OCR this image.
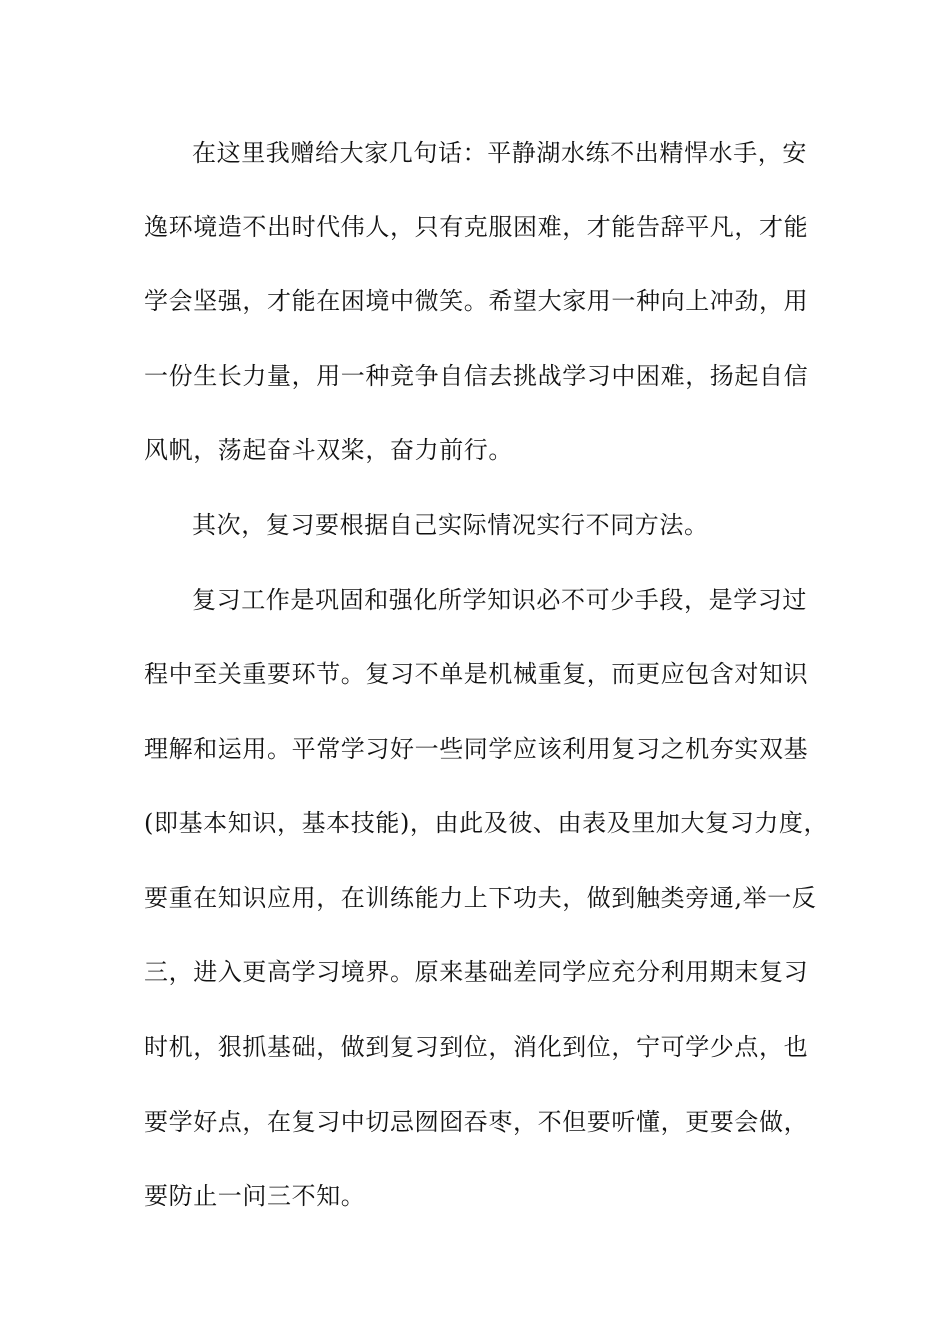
在这里我赠给大家几句话：平静湖水练不出精悍水手，安
逸环境造不出时代伟人，只有克服困难，才能告辞平凡，才能
学会坚强，才能在困境中微笑。希望大家用一种向上冲劲，用
一份生长力量，用一种竞争自信去挑战学习中困难，扬起自信
风帆，荡起奋斗双桨，奋力前行。
其次，复习要根据自己实际情况实行不同方法。
复习工作是巩固和强化所学知识必不可少手段，是学习过
程中至关重要环节。复习不单是机械重复，而更应包含对知识
理解和运用。平常学习好一些同学应该利用复习之机夯实双基
(即基本知识，基本技能)，由此及彼、由表及里加大复习力度，
要重在知识应用，在训练能力上下功夫，做到触类旁通,举一反
三，进入更高学习境界。原来基础差同学应充分利用期末复习
时机，狠抓基础，做到复习到位，消化到位，宁可学少点，也
要学好点，在复习中切忌囫囵吞枣，不但要听懂，更要会做，
要防止一问三不知。
